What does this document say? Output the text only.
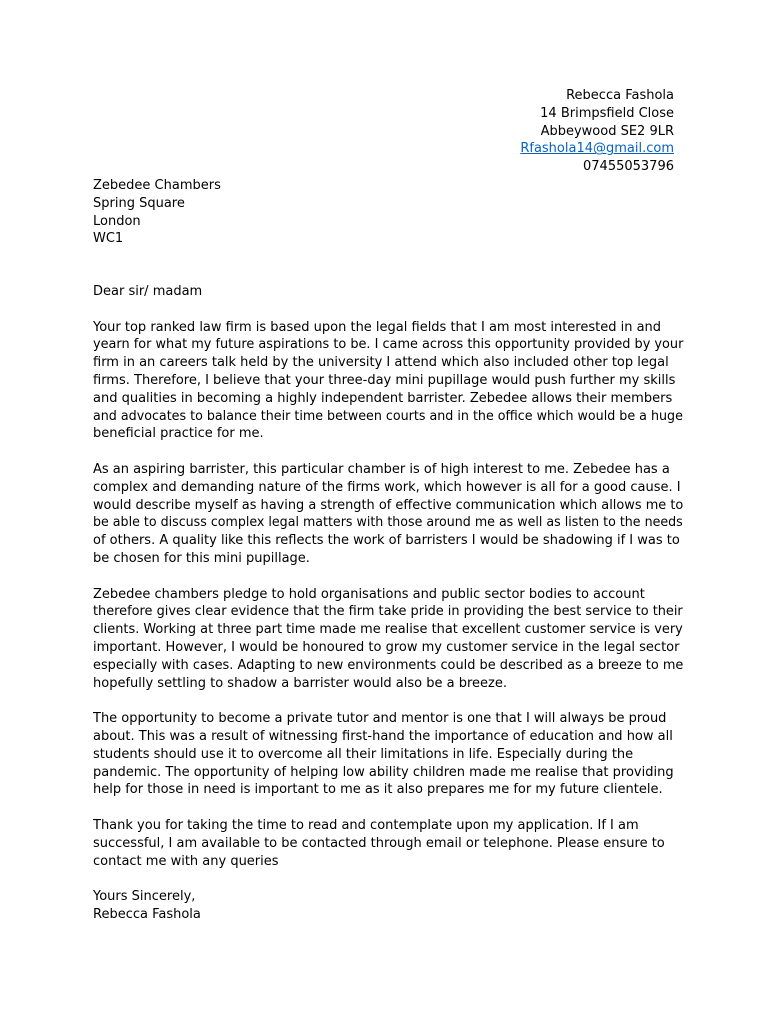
Rebecca Fashola
14 Brimpsfield Close
Abbeywood SE2 9LR
Rfashola14@gmail.com
07455053796
Zebedee Chambers
Spring Square
London
WC1
Dear sir/ madam
Your top ranked law firm is based upon the legal fields that I am most interested in and
yearn for what my future aspirations to be. I came across this opportunity provided by your
firm in an careers talk held by the university I attend which also included other top legal
firms. Therefore, I believe that your three-day mini pupillage would push further my skills
and qualities in becoming a highly independent barrister. Zebedee allows their members
and advocates to balance their time between courts and in the office which would be a huge
beneficial practice for me.
As an aspiring barrister, this particular chamber is of high interest to me. Zebedee has a
complex and demanding nature of the firms work, which however is all for a good cause. I
would describe myself as having a strength of effective communication which allows me to
be able to discuss complex legal matters with those around me as well as listen to the needs
of others. A quality like this reflects the work of barristers I would be shadowing if I was to
be chosen for this mini pupillage.
Zebedee chambers pledge to hold organisations and public sector bodies to account
therefore gives clear evidence that the firm take pride in providing the best service to their
clients. Working at three part time made me realise that excellent customer service is very
important. However, I would be honoured to grow my customer service in the legal sector
especially with cases. Adapting to new environments could be described as a breeze to me
hopefully settling to shadow a barrister would also be a breeze.
The opportunity to become a private tutor and mentor is one that I will always be proud
about. This was a result of witnessing first-hand the importance of education and how all
students should use it to overcome all their limitations in life. Especially during the
pandemic. The opportunity of helping low ability children made me realise that providing
help for those in need is important to me as it also prepares me for my future clientele.
Thank you for taking the time to read and contemplate upon my application. If I am
successful, I am available to be contacted through email or telephone. Please ensure to
contact me with any queries
Yours Sincerely,
Rebecca Fashola
